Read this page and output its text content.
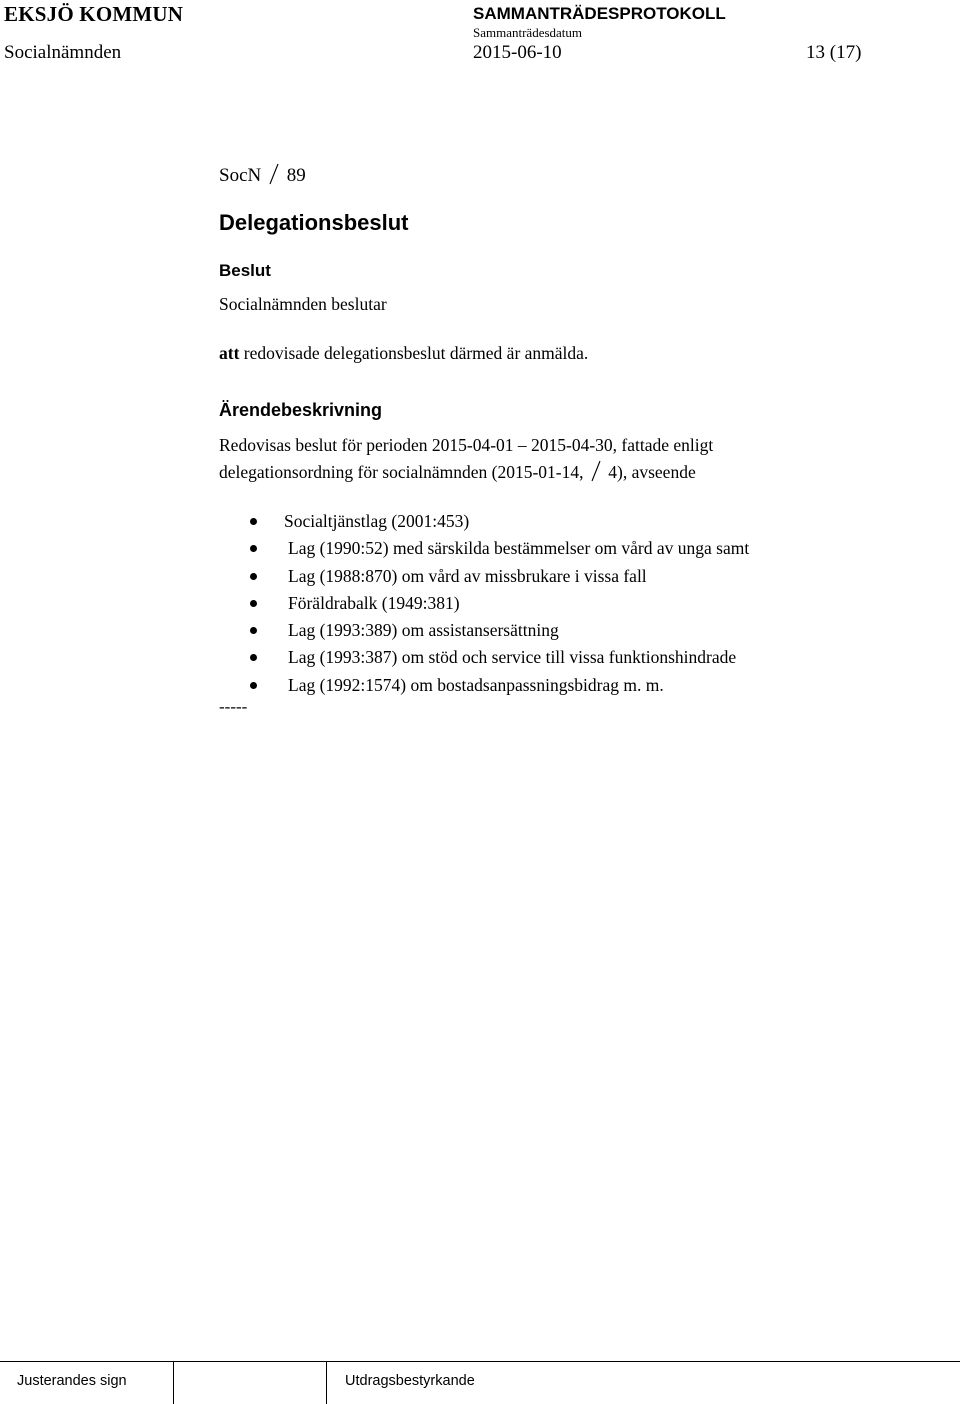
EKSJÖ KOMMUN	SAMMANTRÄDESPROTOKOLL
Sammanträdesdatum
Socialnämnden	2015-06-10	13 (17)
SocN 89
Delegationsbeslut
Beslut
Socialnämnden beslutar
att redovisade delegationsbeslut därmed är anmälda.
Ärendebeskrivning
Redovisas beslut för perioden 2015-04-01 – 2015-04-30, fattade enligt
delegationsordning för socialnämnden (2015-01-14, 4), avseende
Socialtjänstlag (2001:453)
Lag (1990:52) med särskilda bestämmelser om vård av unga samt
Lag (1988:870) om vård av missbrukare i vissa fall
Föräldrabalk (1949:381)
Lag (1993:389) om assistansersättning
Lag (1993:387) om stöd och service till vissa funktionshindrade
Lag (1992:1574) om bostadsanpassningsbidrag m. m.
-----
Justerandes sign	Utdragsbestyrkande
